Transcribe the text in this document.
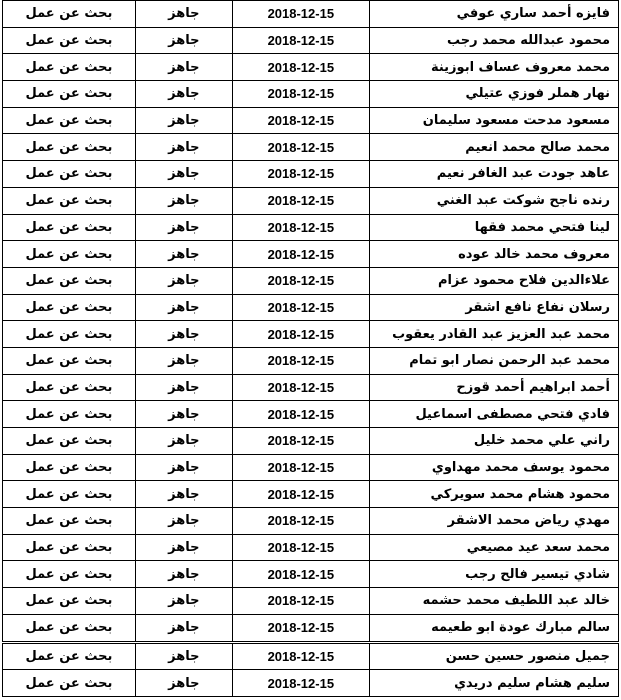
فايزه أحمد ساري عوفي	2018-12-15	جاهز	بحث عن عمل
محمود عبدالله محمد رجب	2018-12-15	جاهز	بحث عن عمل
محمد معروف عساف ابوزينة	2018-12-15	جاهز	بحث عن عمل
نهار هملر فوزي عتيلي	2018-12-15	جاهز	بحث عن عمل
مسعود مدحت مسعود سليمان	2018-12-15	جاهز	بحث عن عمل
محمد صالح محمد انعيم	2018-12-15	جاهز	بحث عن عمل
عاهد جودت عبد الغافر نعيم	2018-12-15	جاهز	بحث عن عمل
رنده ناجح شوكت عبد الغني	2018-12-15	جاهز	بحث عن عمل
لينا فتحي محمد فقها	2018-12-15	جاهز	بحث عن عمل
معروف محمد خالد عوده	2018-12-15	جاهز	بحث عن عمل
علاءالدين فلاح محمود عزام	2018-12-15	جاهز	بحث عن عمل
رسلان نفاع نافع اشقر	2018-12-15	جاهز	بحث عن عمل
محمد عبد العزيز عبد القادر يعقوب	2018-12-15	جاهز	بحث عن عمل
محمد عبد الرحمن نصار ابو تمام	2018-12-15	جاهز	بحث عن عمل
أحمد ابراهيم أحمد قوزح	2018-12-15	جاهز	بحث عن عمل
فادي فتحي مصطفى اسماعيل	2018-12-15	جاهز	بحث عن عمل
راني علي محمد خليل	2018-12-15	جاهز	بحث عن عمل
محمود يوسف محمد مهداوي	2018-12-15	جاهز	بحث عن عمل
محمود هشام محمد سويركي	2018-12-15	جاهز	بحث عن عمل
مهدي رياض محمد الاشقر	2018-12-15	جاهز	بحث عن عمل
محمد سعد عيد مصيعي	2018-12-15	جاهز	بحث عن عمل
شادي تيسير فالح رجب	2018-12-15	جاهز	بحث عن عمل
خالد عبد اللطيف محمد حشمه	2018-12-15	جاهز	بحث عن عمل
سالم مبارك عودة ابو طعيمه	2018-12-15	جاهز	بحث عن عمل
جميل منصور حسين حسن	2018-12-15	جاهز	بحث عن عمل
سليم هشام سليم دريدي	2018-12-15	جاهز	بحث عن عمل
